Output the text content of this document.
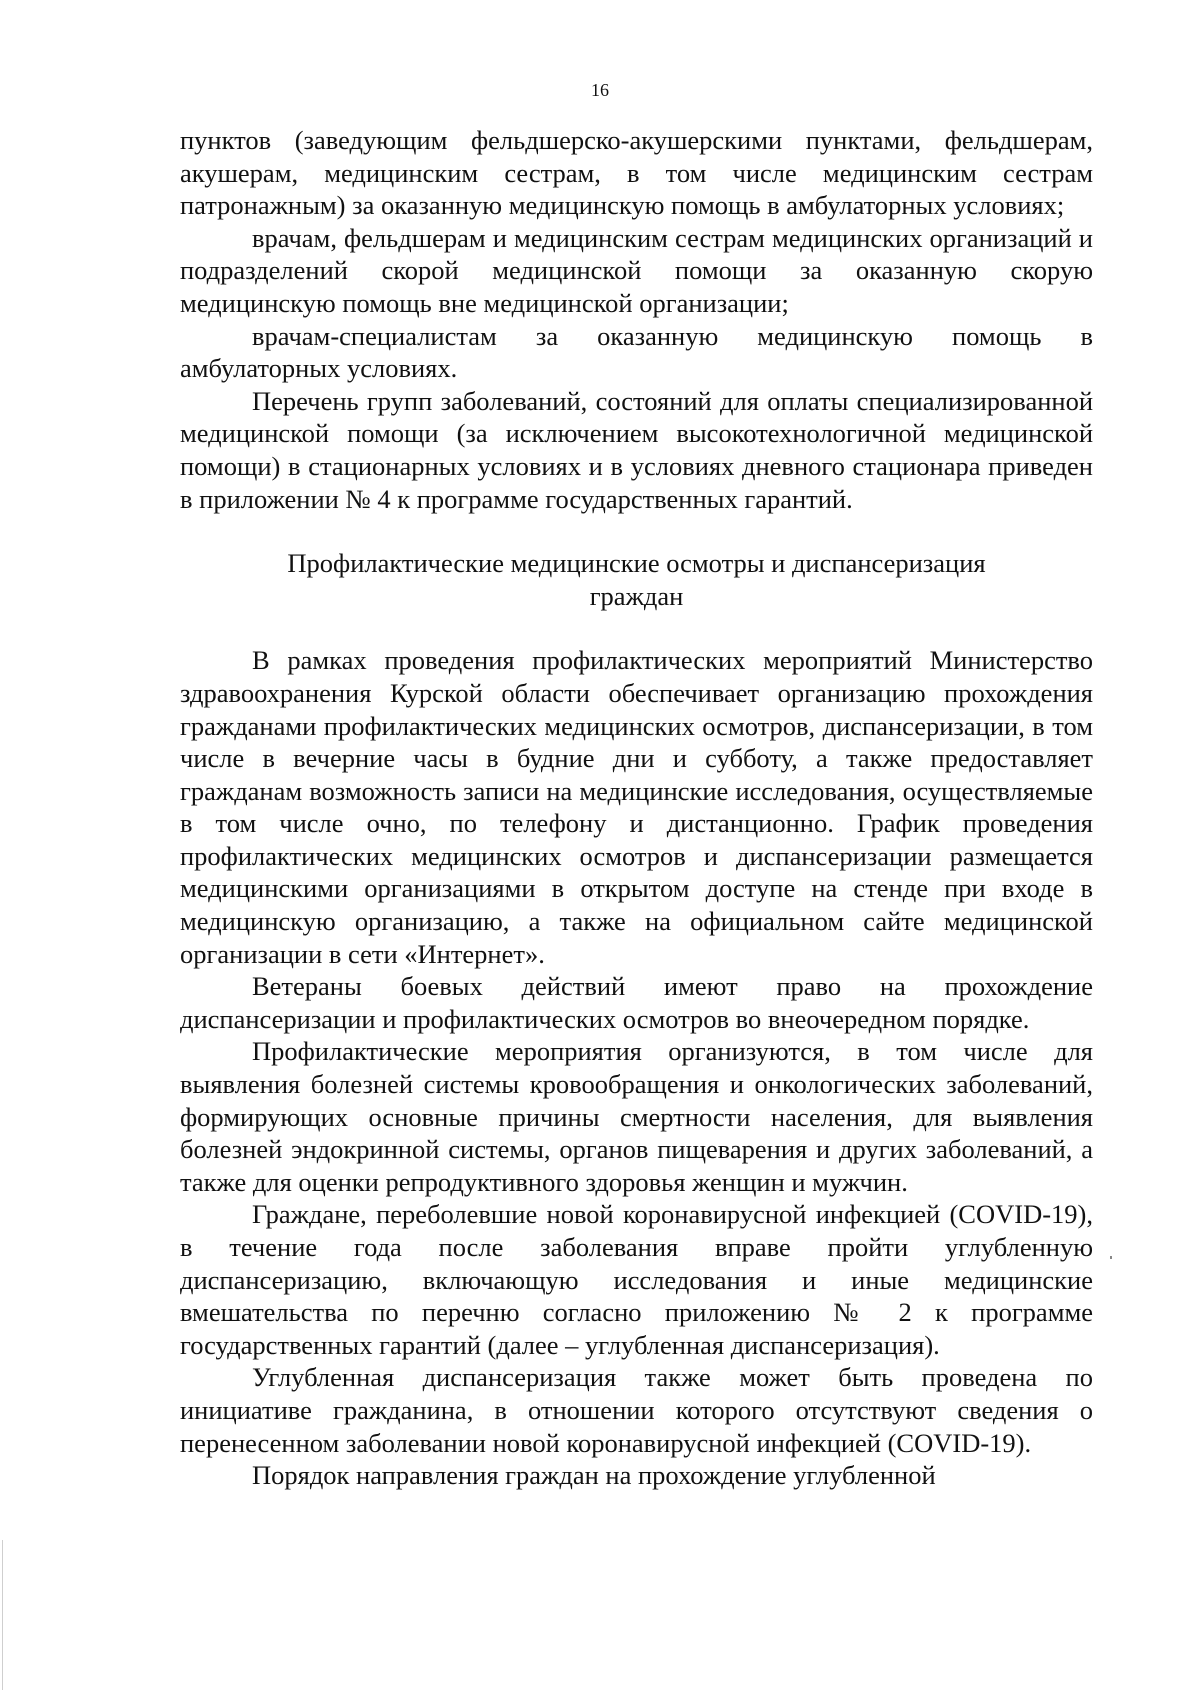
16

пунктов (заведующим фельдшерско-акушерскими пунктами, фельдшерам, акушерам, медицинским сестрам, в том числе медицинским сестрам патронажным) за оказанную медицинскую помощь в амбулаторных условиях;

врачам, фельдшерам и медицинским сестрам медицинских организаций и подразделений скорой медицинской помощи за оказанную скорую медицинскую помощь вне медицинской организации;

врачам-специалистам за оказанную медицинскую помощь в амбулаторных условиях.

Перечень групп заболеваний, состояний для оплаты специализированной медицинской помощи (за исключением высокотехнологичной медицинской помощи) в стационарных условиях и в условиях дневного стационара приведен в приложении № 4 к программе государственных гарантий.

Профилактические медицинские осмотры и диспансеризация граждан

В рамках проведения профилактических мероприятий Министерство здравоохранения Курской области обеспечивает организацию прохождения гражданами профилактических медицинских осмотров, диспансеризации, в том числе в вечерние часы в будние дни и субботу, а также предоставляет гражданам возможность записи на медицинские исследования, осуществляемые в том числе очно, по телефону и дистанционно. График проведения профилактических медицинских осмотров и диспансеризации размещается медицинскими организациями в открытом доступе на стенде при входе в медицинскую организацию, а также на официальном сайте медицинской организации в сети «Интернет».

Ветераны боевых действий имеют право на прохождение диспансеризации и профилактических осмотров во внеочередном порядке.

Профилактические мероприятия организуются, в том числе для выявления болезней системы кровообращения и онкологических заболеваний, формирующих основные причины смертности населения, для выявления болезней эндокринной системы, органов пищеварения и других заболеваний, а также для оценки репродуктивного здоровья женщин и мужчин.

Граждане, переболевшие новой коронавирусной инфекцией (COVID-19), в течение года после заболевания вправе пройти углубленную диспансеризацию, включающую исследования и иные медицинские вмешательства по перечню согласно приложению № 2 к программе государственных гарантий (далее – углубленная диспансеризация).

Углубленная диспансеризация также может быть проведена по инициативе гражданина, в отношении которого отсутствуют сведения о перенесенном заболевании новой коронавирусной инфекцией (COVID-19).

Порядок направления граждан на прохождение углубленной
